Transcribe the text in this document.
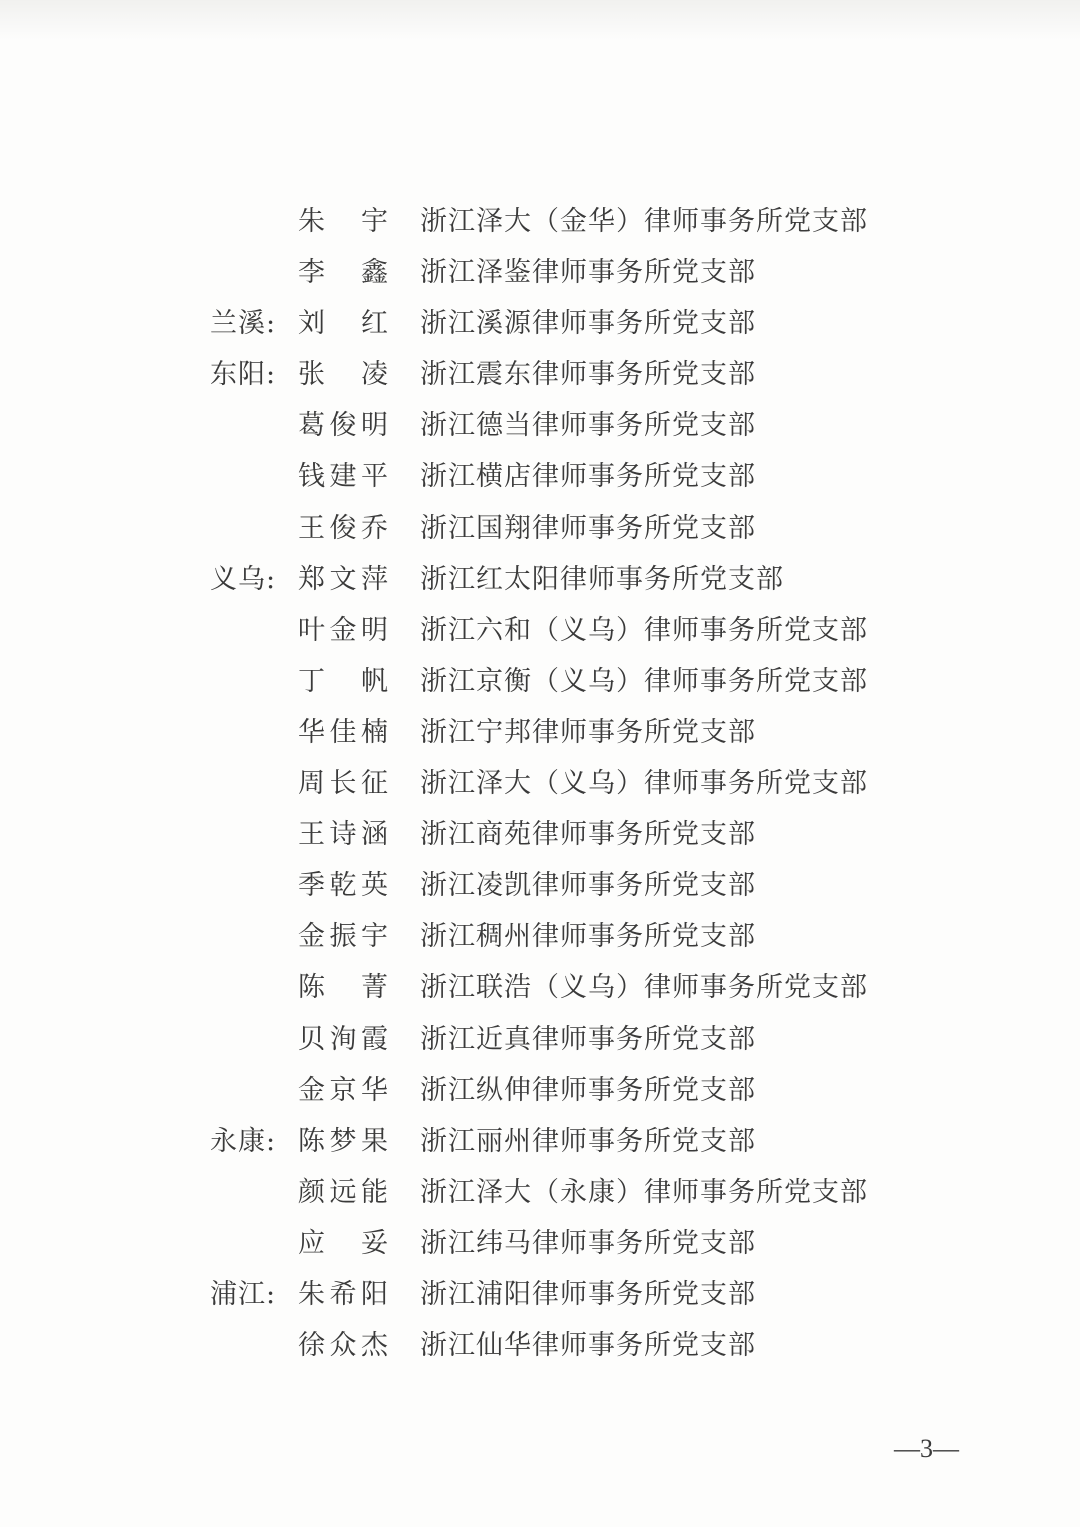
朱　宇 浙江泽大（金华）律师事务所党支部
李　鑫 浙江泽鉴律师事务所党支部
兰溪: 刘　红 浙江溪源律师事务所党支部
东阳: 张　凌 浙江震东律师事务所党支部
葛俊明 浙江德当律师事务所党支部
钱建平 浙江横店律师事务所党支部
王俊乔 浙江国翔律师事务所党支部
义乌: 郑文萍 浙江红太阳律师事务所党支部
叶金明 浙江六和（义乌）律师事务所党支部
丁　帆 浙江京衡（义乌）律师事务所党支部
华佳楠 浙江宁邦律师事务所党支部
周长征 浙江泽大（义乌）律师事务所党支部
王诗涵 浙江商苑律师事务所党支部
季乾英 浙江凌凯律师事务所党支部
金振宇 浙江稠州律师事务所党支部
陈　菁 浙江联浩（义乌）律师事务所党支部
贝洵霞 浙江近真律师事务所党支部
金京华 浙江纵伸律师事务所党支部
永康: 陈梦果 浙江丽州律师事务所党支部
颜远能 浙江泽大（永康）律师事务所党支部
应　妥 浙江纬马律师事务所党支部
浦江: 朱希阳 浙江浦阳律师事务所党支部
徐众杰 浙江仙华律师事务所党支部
—3—
